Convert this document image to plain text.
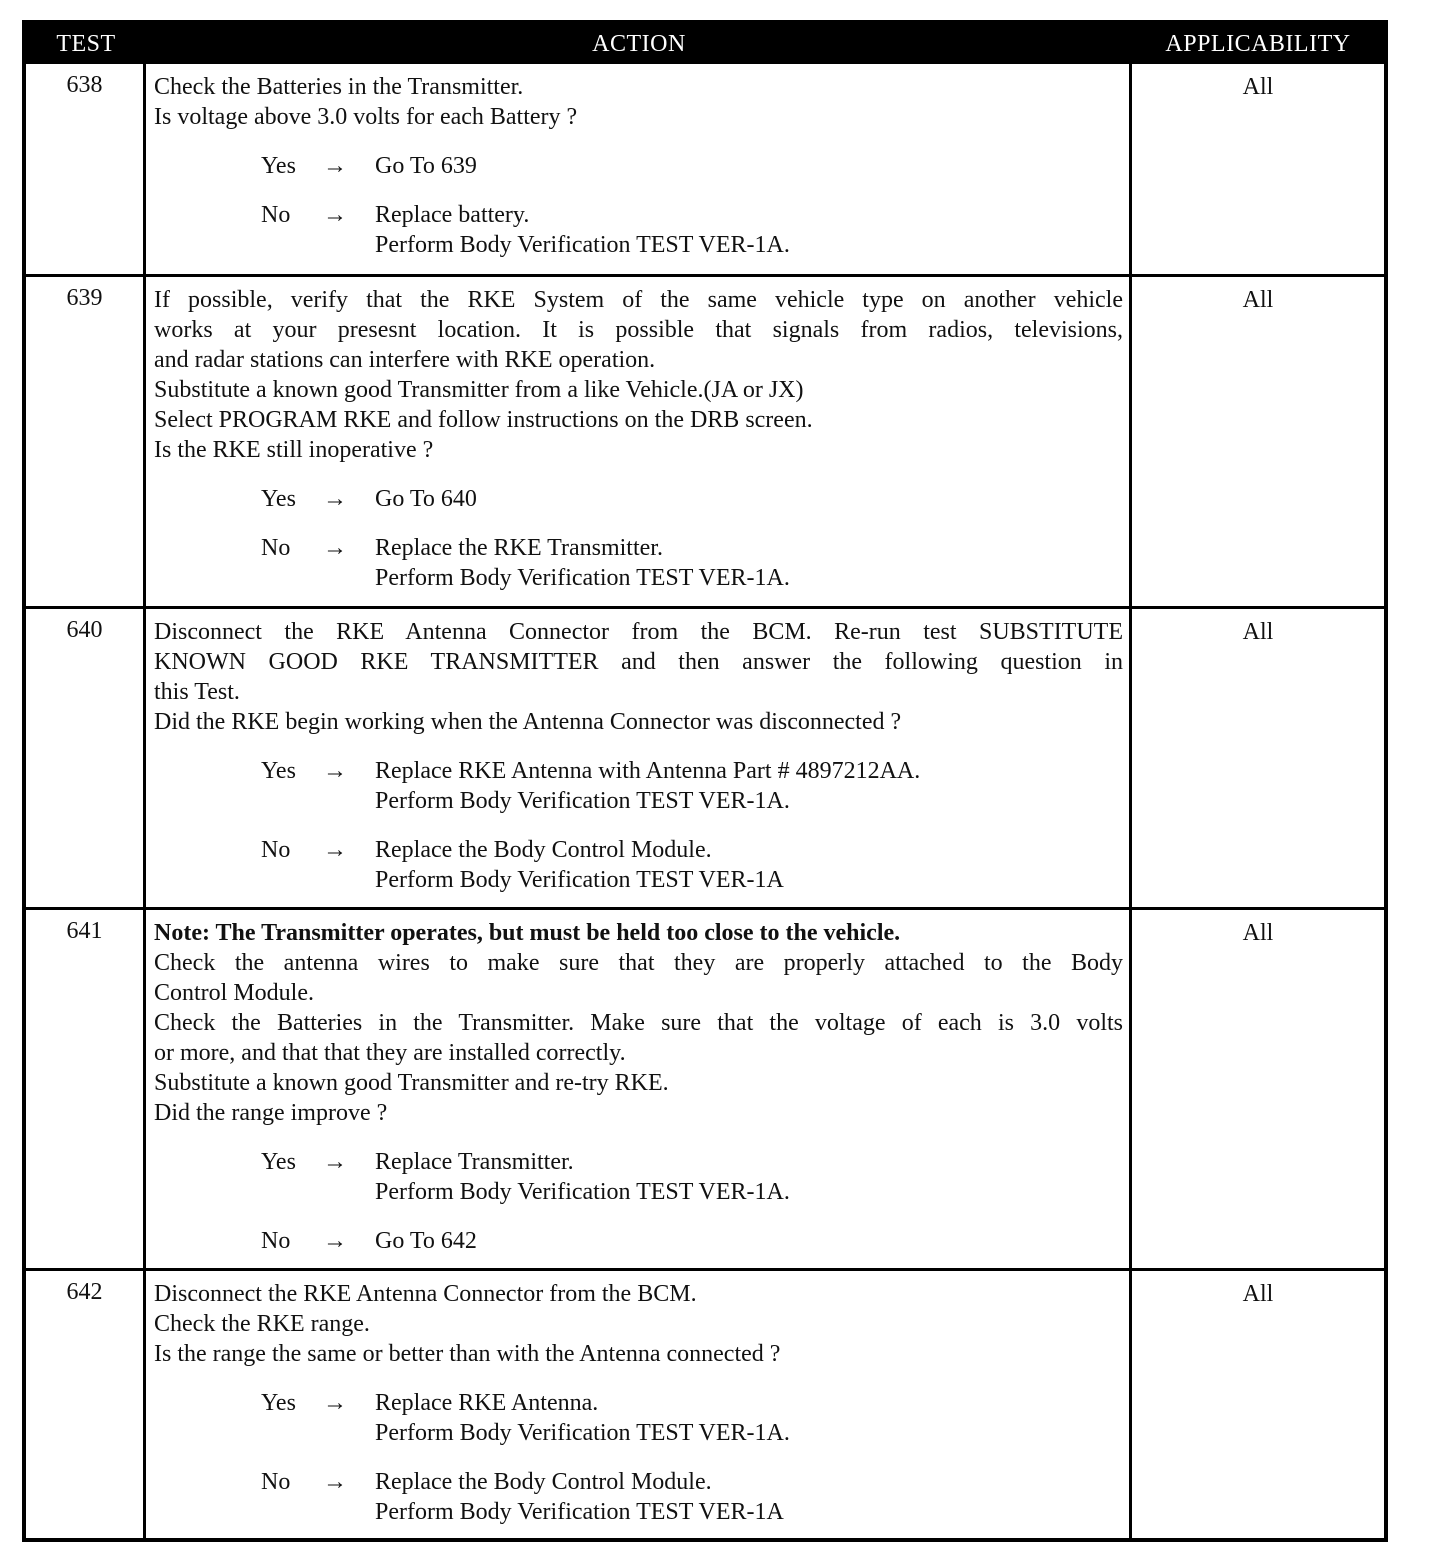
TEST	ACTION	APPLICABILITY
638	Check the Batteries in the Transmitter.
Is voltage above 3.0 volts for each Battery ?
Yes	→	Go To 639
No	→	Replace battery.
Perform Body Verification TEST VER-1A.
All
639	If possible, verify that the RKE System of the same vehicle type on another vehicle
works at your presesnt location. It is possible that signals from radios, televisions,
and radar stations can interfere with RKE operation.
Substitute a known good Transmitter from a like Vehicle.(JA or JX)
Select PROGRAM RKE and follow instructions on the DRB screen.
Is the RKE still inoperative ?
Yes	→	Go To 640
No	→	Replace the RKE Transmitter.
Perform Body Verification TEST VER-1A.
All
640	Disconnect the RKE Antenna Connector from the BCM. Re-run test SUBSTITUTE
KNOWN GOOD RKE TRANSMITTER and then answer the following question in
this Test.
Did the RKE begin working when the Antenna Connector was disconnected ?
Yes	→	Replace RKE Antenna with Antenna Part # 4897212AA.
Perform Body Verification TEST VER-1A.
No	→	Replace the Body Control Module.
Perform Body Verification TEST VER-1A
All
641	Note: The Transmitter operates, but must be held too close to the vehicle.
Check the antenna wires to make sure that they are properly attached to the Body
Control Module.
Check the Batteries in the Transmitter. Make sure that the voltage of each is 3.0 volts
or more, and that that they are installed correctly.
Substitute a known good Transmitter and re-try RKE.
Did the range improve ?
Yes	→	Replace Transmitter.
Perform Body Verification TEST VER-1A.
No	→	Go To 642
All
642	Disconnect the RKE Antenna Connector from the BCM.
Check the RKE range.
Is the range the same or better than with the Antenna connected ?
Yes	→	Replace RKE Antenna.
Perform Body Verification TEST VER-1A.
No	→	Replace the Body Control Module.
Perform Body Verification TEST VER-1A
All
